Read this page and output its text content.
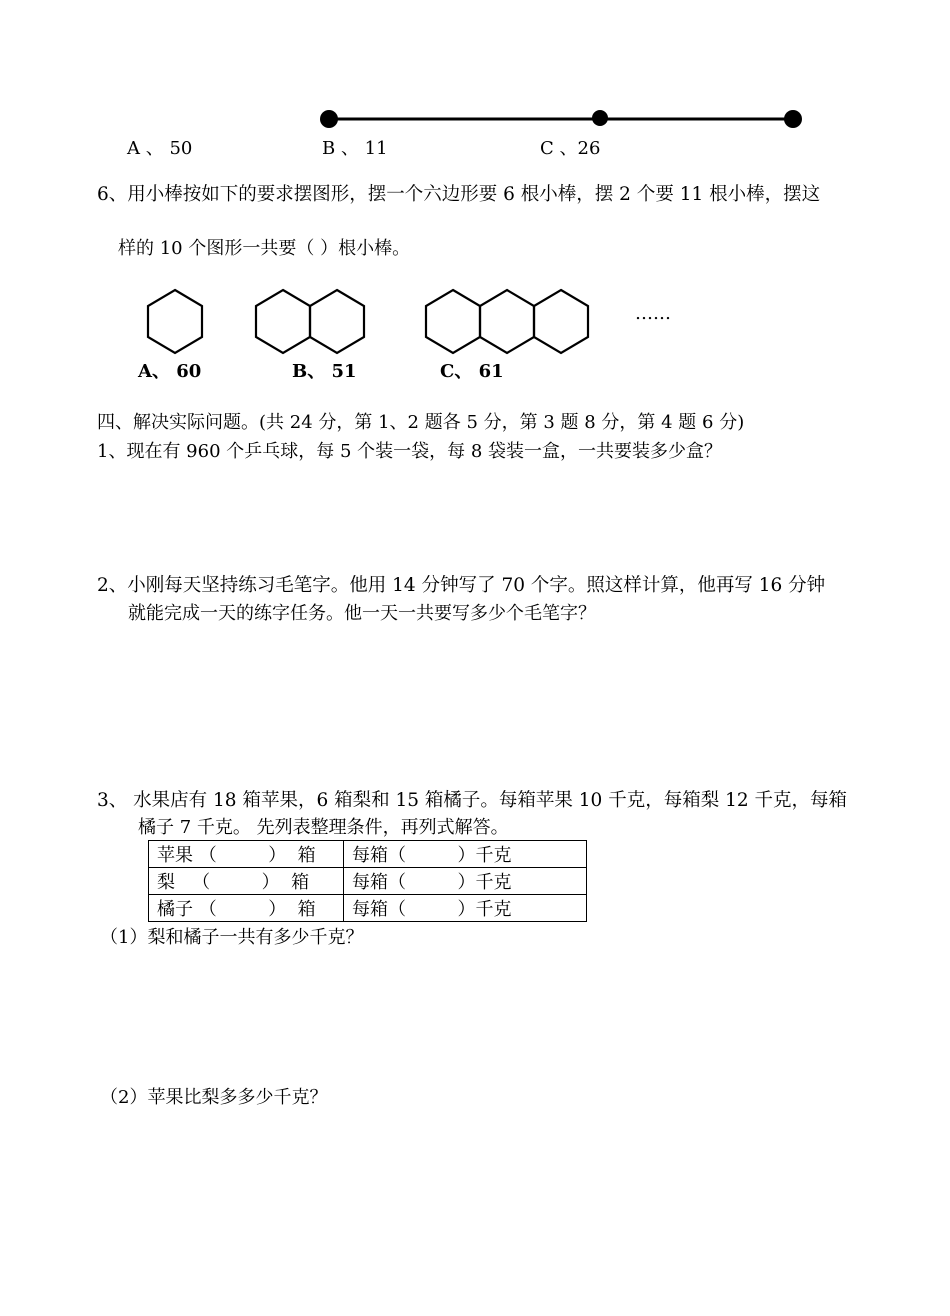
A 、 50	B 、 11	C 、26
6、用小棒按如下的要求摆图形，摆一个六边形要 6 根小棒，摆 2 个要 11 根小棒，摆这
样的 10 个图形一共要（ ）根小棒。
……
A、 60	B、 51	C、 61
四、解决实际问题。(共 24 分，第 1、2 题各 5 分，第 3 题 8 分，第 4 题 6 分)
1、现在有 960 个乒乓球，每 5 个装一袋，每 8 袋装一盒，一共要装多少盒？
2、小刚每天坚持练习毛笔字。他用 14 分钟写了 70 个字。照这样计算，他再写 16 分钟
就能完成一天的练字任务。他一天一共要写多少个毛笔字？
3、 水果店有 18 箱苹果，6 箱梨和 15 箱橘子。每箱苹果 10 千克，每箱梨 12 千克，每箱
橘子 7 千克。 先列表整理条件，再列式解答。
苹果 （         ）  箱	每箱（         ）千克
梨   （         ）  箱	每箱（         ）千克
橘子 （         ）  箱	每箱（         ）千克
（1）梨和橘子一共有多少千克？
（2）苹果比梨多多少千克？
